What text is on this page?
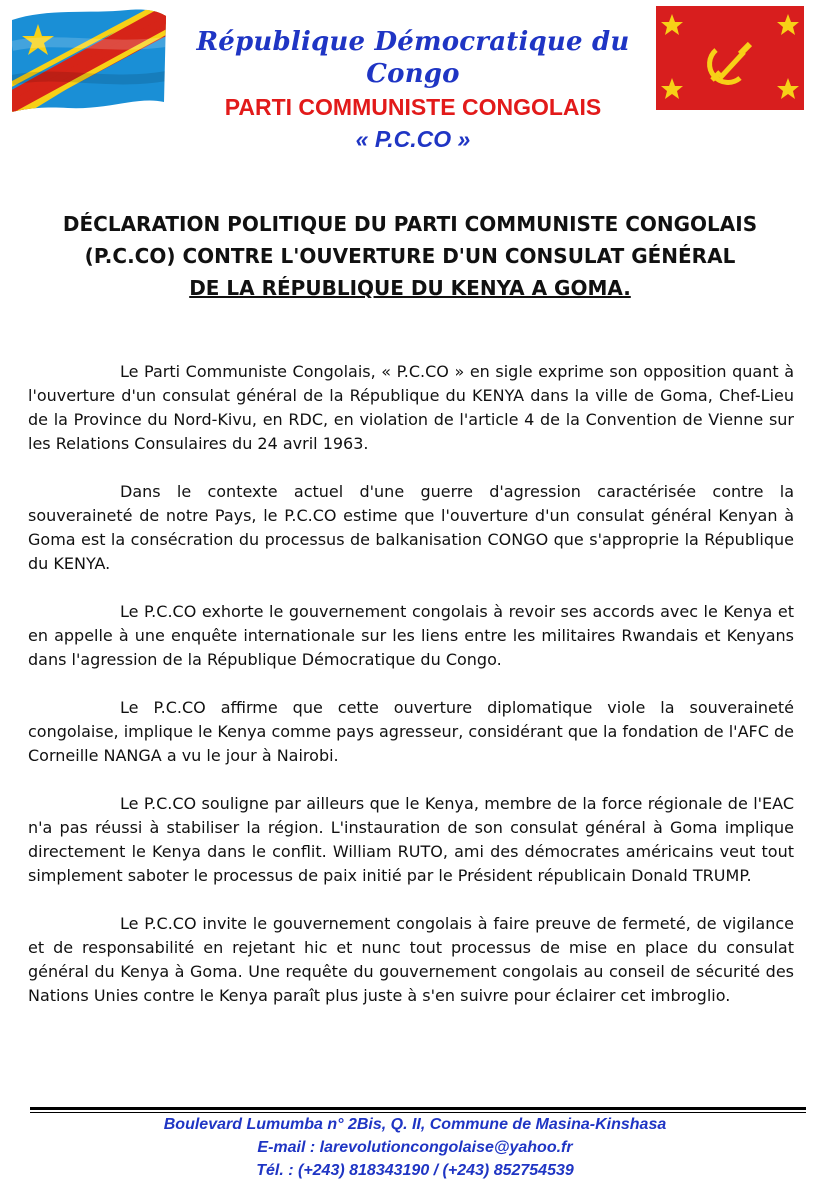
République Démocratique du Congo
PARTI COMMUNISTE CONGOLAIS
« P.C.CO »
DÉCLARATION POLITIQUE DU PARTI COMMUNISTE CONGOLAIS
(P.C.CO) CONTRE L'OUVERTURE D'UN CONSULAT GÉNÉRAL
DE LA RÉPUBLIQUE DU KENYA A GOMA.

Le Parti Communiste Congolais, « P.C.CO » en sigle exprime son opposition quant à l'ouverture d'un consulat général de la République du KENYA dans la ville de Goma, Chef-Lieu de la Province du Nord-Kivu, en RDC, en violation de l'article 4 de la Convention de Vienne sur les Relations Consulaires du 24 avril 1963.

Dans le contexte actuel d'une guerre d'agression caractérisée contre la souveraineté de notre Pays, le P.C.CO estime que l'ouverture d'un consulat général Kenyan à Goma est la consécration du processus de balkanisation CONGO que s'approprie la République du KENYA.

Le P.C.CO exhorte le gouvernement congolais à revoir ses accords avec le Kenya et en appelle à une enquête internationale sur les liens entre les militaires Rwandais et Kenyans dans l'agression de la République Démocratique du Congo.

Le P.C.CO affirme que cette ouverture diplomatique viole la souveraineté congolaise, implique le Kenya comme pays agresseur, considérant que la fondation de l'AFC de Corneille NANGA a vu le jour à Nairobi.

Le P.C.CO souligne par ailleurs que le Kenya, membre de la force régionale de l'EAC n'a pas réussi à stabiliser la région. L'instauration de son consulat général à Goma implique directement le Kenya dans le conflit. William RUTO, ami des démocrates américains veut tout simplement saboter le processus de paix initié par le Président républicain Donald TRUMP.

Le P.C.CO invite le gouvernement congolais à faire preuve de fermeté, de vigilance et de responsabilité en rejetant hic et nunc tout processus de mise en place du consulat général du Kenya à Goma. Une requête du gouvernement congolais au conseil de sécurité des Nations Unies contre le Kenya paraît plus juste à s'en suivre pour éclairer cet imbroglio.

Boulevard Lumumba n° 2Bis, Q. II, Commune de Masina-Kinshasa
E-mail : larevolutioncongolaise@yahoo.fr
Tél. : (+243) 818343190 / (+243) 852754539
